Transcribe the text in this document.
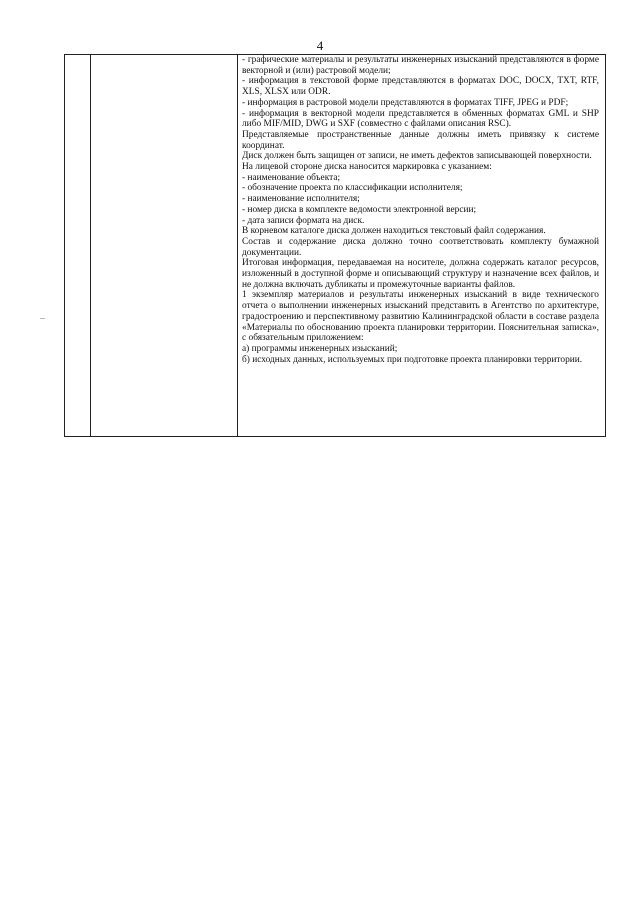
4

- графические материалы и результаты инженерных изысканий представляются в форме векторной и (или) растровой модели;

- информация в текстовой форме представляются в форматах DOC, DOCX, TXT, RTF, XLS, XLSX или ODR.

- информация в растровой модели представляются в форматах TIFF, JPEG и PDF;

- информация в векторной модели представляется в обменных форматах GML и SHP либо MIF/MID, DWG и SXF (совместно с файлами описания RSC).

Представляемые пространственные данные должны иметь привязку к системе координат.

Диск должен быть защищен от записи, не иметь дефектов записывающей поверхности.

На лицевой стороне диска наносится маркировка с указанием:

- наименование объекта;

- обозначение проекта по классификации исполнителя;

- наименование исполнителя;

- номер диска в комплекте ведомости электронной версии;

- дата записи формата на диск.

В корневом каталоге диска должен находиться текстовый файл содержания.

Состав и содержание диска должно точно соответствовать комплекту бумажной документации.

Итоговая информация, передаваемая на носителе, должна содержать каталог ресурсов, изложенный в доступной форме и описывающий структуру и назначение всех файлов, и не должна включать дубликаты и промежуточные варианты файлов.

1 экземпляр материалов и результаты инженерных изысканий в виде технического отчета о выполнении инженерных изысканий представить в Агентство по архитектуре, градостроению и перспективному развитию Калининградской области в составе раздела «Материалы по обоснованию проекта планировки территории. Пояснительная записка», с обязательным приложением:

а) программы инженерных изысканий;

б) исходных данных, используемых при подготовке проекта планировки территории.
